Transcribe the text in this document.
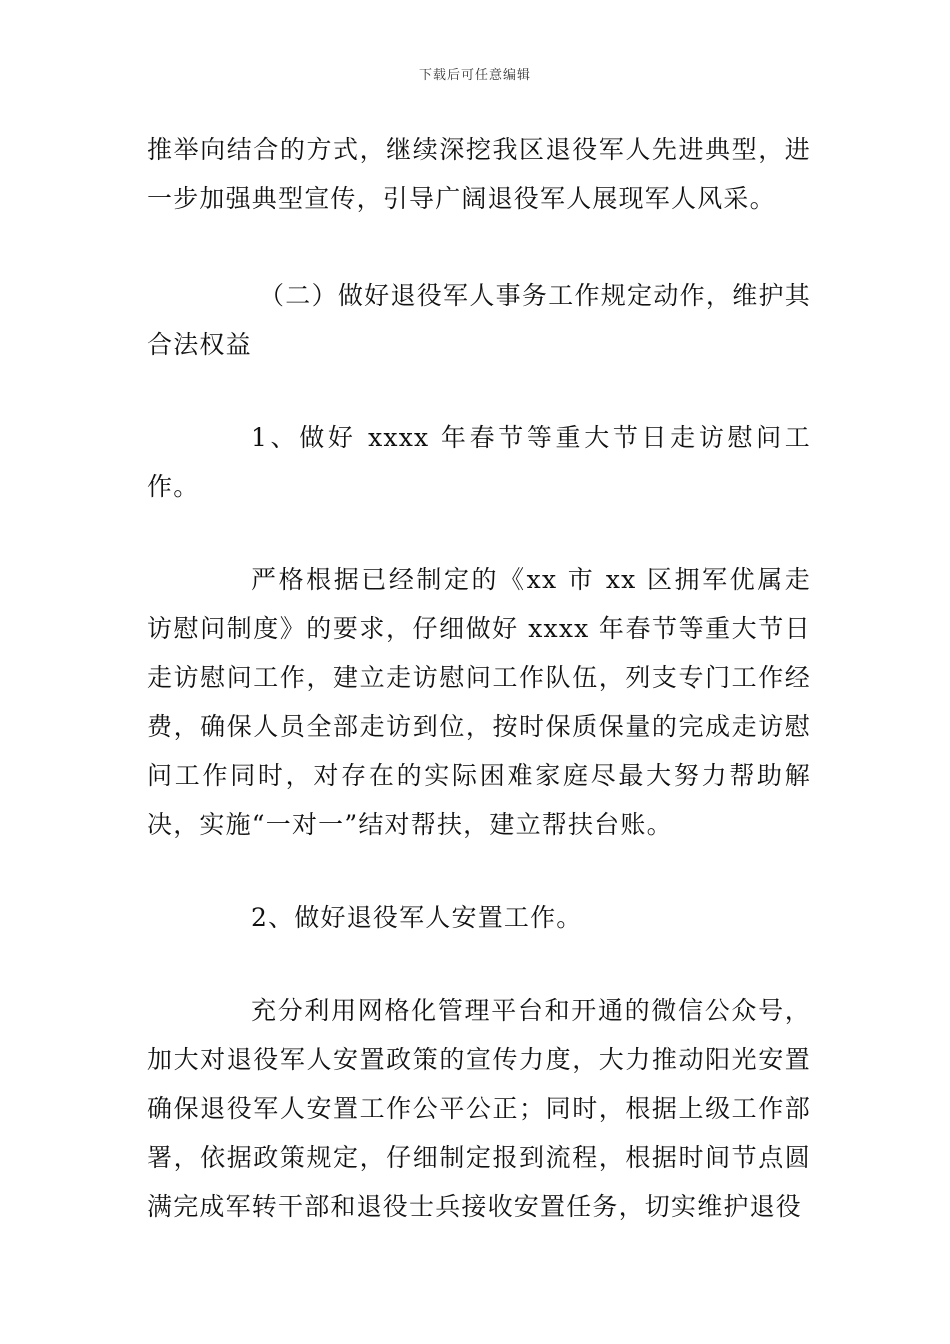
下载后可任意编辑

推举向结合的方式，继续深挖我区退役军人先进典型，进一步加强典型宣传，引导广阔退役军人展现军人风采。

（二）做好退役军人事务工作规定动作，维护其合法权益

1、做好 xxxx 年春节等重大节日走访慰问工作。

严格根据已经制定的《xx 市 xx 区拥军优属走访慰问制度》的要求，仔细做好 xxxx 年春节等重大节日走访慰问工作，建立走访慰问工作队伍，列支专门工作经费，确保人员全部走访到位，按时保质保量的完成走访慰问工作同时，对存在的实际困难家庭尽最大努力帮助解决，实施“一对一”结对帮扶，建立帮扶台账。

2、做好退役军人安置工作。

充分利用网格化管理平台和开通的微信公众号，加大对退役军人安置政策的宣传力度，大力推动阳光安置确保退役军人安置工作公平公正；同时，根据上级工作部署，依据政策规定，仔细制定报到流程，根据时间节点圆满完成军转干部和退役士兵接收安置任务，切实维护退役
